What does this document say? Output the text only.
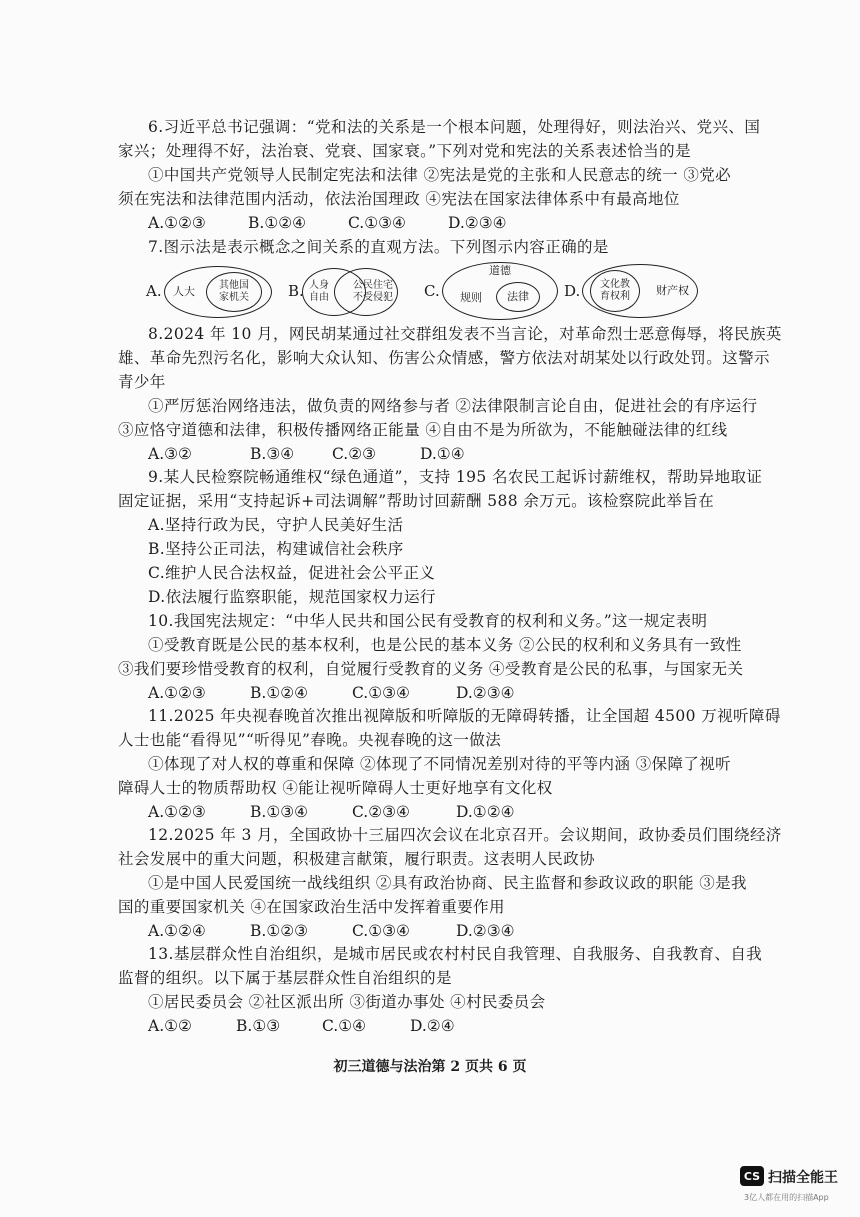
6.习近平总书记强调：“党和法的关系是一个根本问题，处理得好，则法治兴、党兴、国
家兴；处理得不好，法治衰、党衰、国家衰。”下列对党和宪法的关系表述恰当的是
①中国共产党领导人民制定宪法和法律 ②宪法是党的主张和人民意志的统一 ③党必
须在宪法和法律范围内活动，依法治国理政 ④宪法在国家法律体系中有最高地位
A.①②③	B.①②④	C.①③④	D.②③④
7.图示法是表示概念之间关系的直观方法。下列图示内容正确的是
A. 人大	其他国家机关	B. 人身自由
公民住宅不受侵犯 C.
道德
规则 法律 D.	财产权
文化教育权利
8.2024 年 10 月，网民胡某通过社交群组发表不当言论，对革命烈士恶意侮辱，将民族英
雄、革命先烈污名化，影响大众认知、伤害公众情感，警方依法对胡某处以行政处罚。这警示
青少年
①严厉惩治网络违法，做负责的网络参与者 ②法律限制言论自由，促进社会的有序运行
③应恪守道德和法律，积极传播网络正能量 ④自由不是为所欲为，不能触碰法律的红线
A.③②	B.③④ C.②③	D.①④
9.某人民检察院畅通维权“绿色通道”，支持 195 名农民工起诉讨薪维权，帮助异地取证
固定证据，采用“支持起诉+司法调解”帮助讨回薪酬 588 余万元。该检察院此举旨在
A.坚持行政为民，守护人民美好生活
B.坚持公正司法，构建诚信社会秩序
C.维护人民合法权益，促进社会公平正义
D.依法履行监察职能，规范国家权力运行
10.我国宪法规定：“中华人民共和国公民有受教育的权利和义务。”这一规定表明
①受教育既是公民的基本权利，也是公民的基本义务 ②公民的权利和义务具有一致性
③我们要珍惜受教育的权利，自觉履行受教育的义务 ④受教育是公民的私事，与国家无关
A.①②③	B.①②④	C.①③④	D.②③④
11.2025 年央视春晚首次推出视障版和听障版的无障碍转播，让全国超 4500 万视听障碍
人士也能“看得见”“听得见”春晚。央视春晚的这一做法
①体现了对人权的尊重和保障 ②体现了不同情况差别对待的平等内涵 ③保障了视听
障碍人士的物质帮助权 ④能让视听障碍人士更好地享有文化权
A.①②③	B.①③④	C.②③④	D.①②④
12.2025 年 3 月，全国政协十三届四次会议在北京召开。会议期间，政协委员们围绕经济
社会发展中的重大问题，积极建言献策，履行职责。这表明人民政协
①是中国人民爱国统一战线组织 ②具有政治协商、民主监督和参政议政的职能 ③是我
国的重要国家机关 ④在国家政治生活中发挥着重要作用
A.①②④	B.①②③	C.①③④	D.②③④
13.基层群众性自治组织，是城市居民或农村村民自我管理、自我服务、自我教育、自我
监督的组织。以下属于基层群众性自治组织的是
①居民委员会 ②社区派出所 ③街道办事处 ④村民委员会
A.①②	B.①③	C.①④	D.②④
初三道德与法治第 2 页共 6 页
CS 扫描全能王
3亿人都在用的扫描App
